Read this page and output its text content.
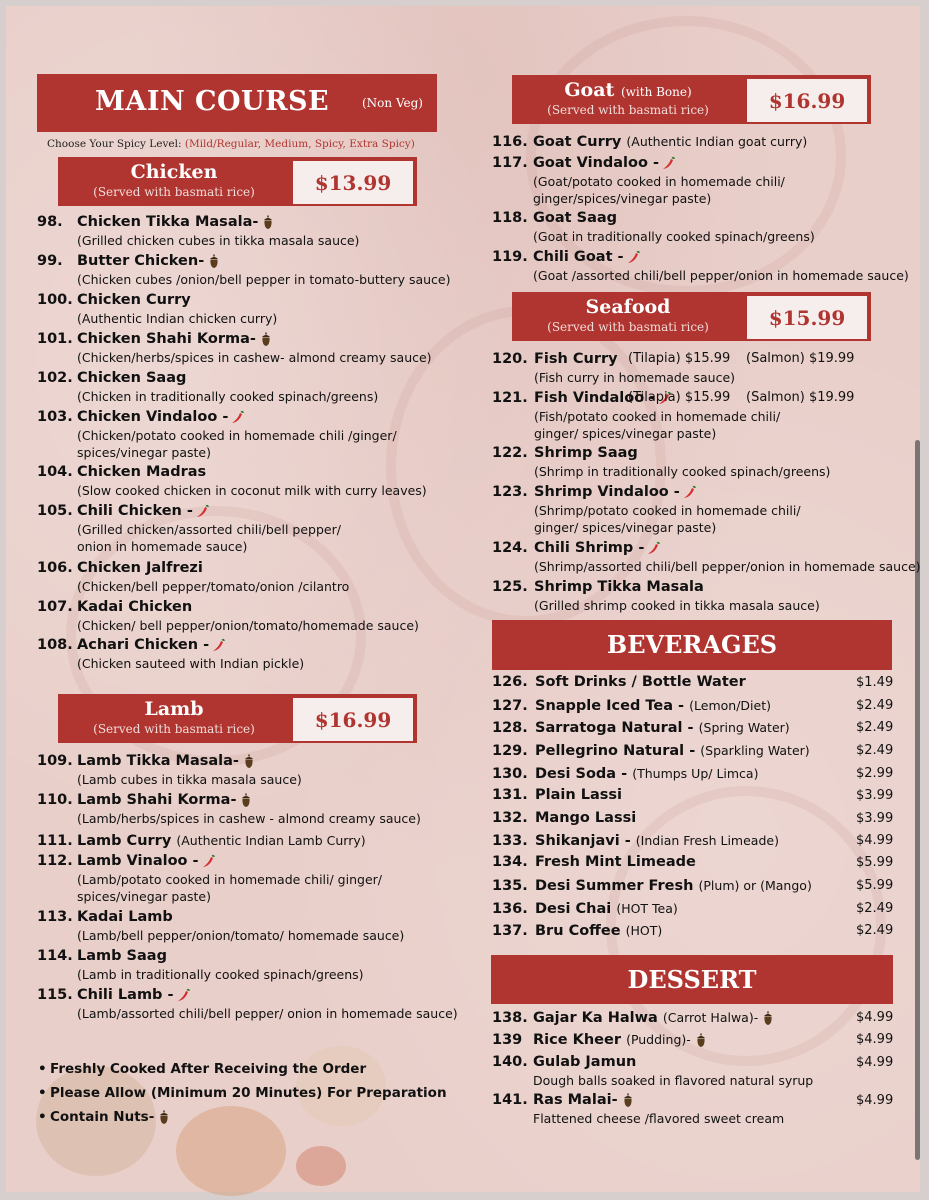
MAIN COURSE	(Non Veg)
Choose Your Spicy Level: (Mild/Regular, Medium, Spicy, Extra Spicy)
Chicken
(Served with basmati rice)	$13.99
Lamb
(Served with basmati rice)	$16.99
Goat (with Bone)
(Served with basmati rice)	$16.99
Seafood
(Served with basmati rice)	$15.99
BEVERAGES
DESSERT
98. Chicken Tikka Masala-
(Grilled chicken cubes in tikka masala sauce)
99. Butter Chicken-
(Chicken cubes /onion/bell pepper in tomato-buttery sauce)
100. Chicken Curry
(Authentic Indian chicken curry)
101. Chicken Shahi Korma-
(Chicken/herbs/spices in cashew- almond creamy sauce)
102. Chicken Saag
(Chicken in traditionally cooked spinach/greens)
103. Chicken Vindaloo -
(Chicken/potato cooked in homemade chili /ginger/
spices/vinegar paste)
104. Chicken Madras
(Slow cooked chicken in coconut milk with curry leaves)
105. Chili Chicken -
(Grilled chicken/assorted chili/bell pepper/
onion in homemade sauce)
106. Chicken Jalfrezi
(Chicken/bell pepper/tomato/onion /cilantro
107. Kadai Chicken
(Chicken/ bell pepper/onion/tomato/homemade sauce)
108. Achari Chicken -
(Chicken sauteed with Indian pickle)
109. Lamb Tikka Masala-
(Lamb cubes in tikka masala sauce)
110. Lamb Shahi Korma-
(Lamb/herbs/spices in cashew - almond creamy sauce)
111. Lamb Curry (Authentic Indian Lamb Curry)
112. Lamb Vinaloo -
(Lamb/potato cooked in homemade chili/ ginger/
spices/vinegar paste)
113. Kadai Lamb
(Lamb/bell pepper/onion/tomato/ homemade sauce)
114. Lamb Saag
(Lamb in traditionally cooked spinach/greens)
115. Chili Lamb -
(Lamb/assorted chili/bell pepper/ onion in homemade sauce)
116. Goat Curry (Authentic Indian goat curry)
117. Goat Vindaloo -
(Goat/potato cooked in homemade chili/
ginger/spices/vinegar paste)
118. Goat Saag
(Goat in traditionally cooked spinach/greens)
119. Chili Goat -
(Goat /assorted chili/bell pepper/onion in homemade sauce)
120. Fish Curry (Tilapia) $15.99 (Salmon) $19.99
(Fish curry in homemade sauce)
121. Fish Vindaloo -
(Tilapia) $15.99 (Salmon) $19.99
(Fish/potato cooked in homemade chili/
ginger/ spices/vinegar paste)
122. Shrimp Saag
(Shrimp in traditionally cooked spinach/greens)
123. Shrimp Vindaloo -
(Shrimp/potato cooked in homemade chili/
ginger/ spices/vinegar paste)
124. Chili Shrimp -
(Shrimp/assorted chili/bell pepper/onion in homemade sauce)
125. Shrimp Tikka Masala
(Grilled shrimp cooked in tikka masala sauce)
126. Soft Drinks / Bottle Water	$1.49
127. Snapple Iced Tea - (Lemon/Diet)	$2.49
128. Sarratoga Natural - (Spring Water)	$2.49
129. Pellegrino Natural - (Sparkling Water)	$2.49
130. Desi Soda - (Thumps Up/ Limca)	$2.99
131. Plain Lassi	$3.99
132. Mango Lassi	$3.99
133. Shikanjavi - (Indian Fresh Limeade)	$4.99
134. Fresh Mint Limeade	$5.99
135. Desi Summer Fresh (Plum) or (Mango)	$5.99
136. Desi Chai (HOT Tea)	$2.49
137. Bru Coffee (HOT)	$2.49
138. Gajar Ka Halwa (Carrot Halwa)-	$4.99
139 Rice Kheer (Pudding)-	$4.99
140. Gulab Jamun	$4.99
Dough balls soaked in flavored natural syrup
141. Ras Malai-	$4.99
Flattened cheese /flavored sweet cream
• Freshly Cooked After Receiving the Order
• Please Allow (Minimum 20 Minutes) For Preparation
• Contain Nuts-
